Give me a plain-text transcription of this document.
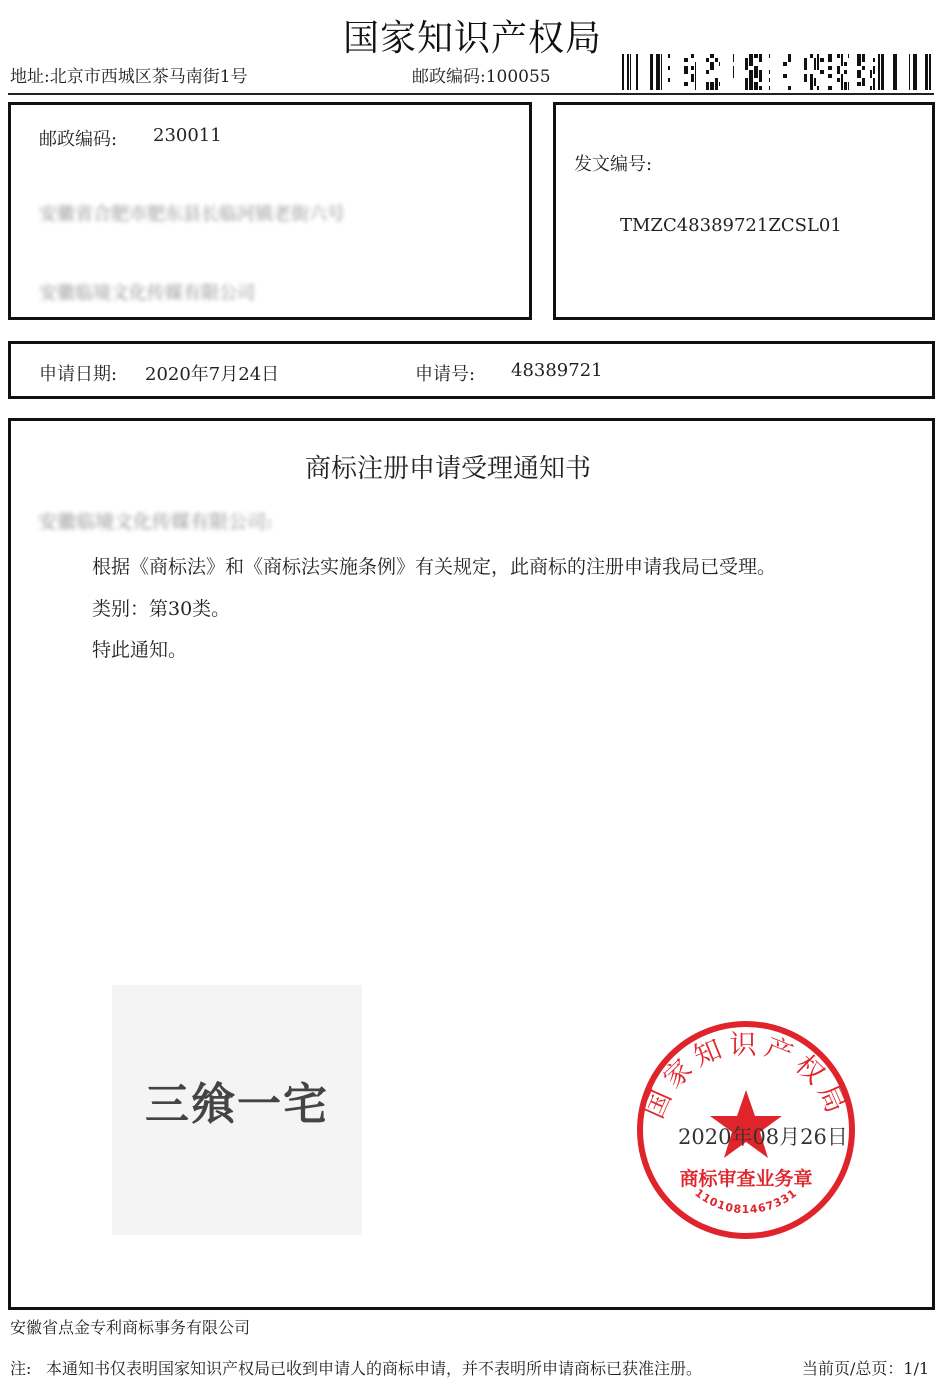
国家知识产权局
地址:北京市西城区茶马南街1号	邮政编码:100055
邮政编码: 230011
安徽省合肥市肥东县长临河镇老街六号
安徽临境文化传媒有限公司
发文编号:
TMZC48389721ZCSL01
申请日期: 2020年7月24日	申请号: 48389721
商标注册申请受理通知书
安徽临境文化传媒有限公司:
根据《商标法》和《商标法实施条例》有关规定，此商标的注册申请我局已受理。
类别：第30类。
特此通知。
三飨一宅	国家知识产权局
商标审查业务章
1101081467331
2020年08月26日
安徽省点金专利商标事务有限公司
注: 本通知书仅表明国家知识产权局已收到申请人的商标申请，并不表明所申请商标已获准注册。	当前页/总页：1/1
